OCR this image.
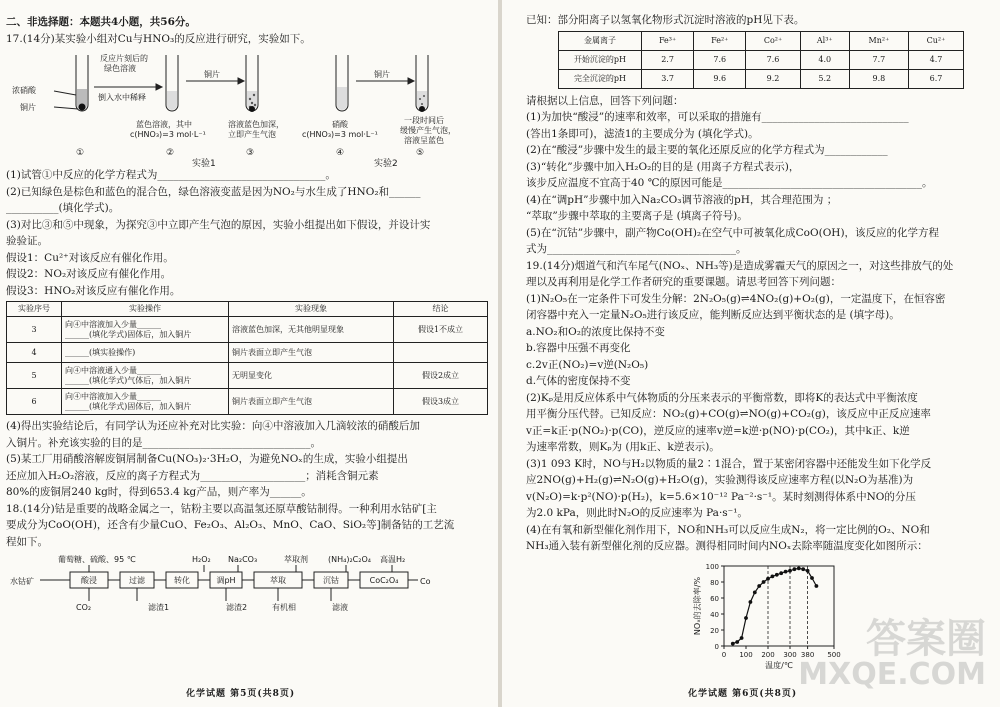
二、非选择题：本题共4小题，共56分。

17.(14分)某实验小组对Cu与HNO₃的反应进行研究，实验如下。

浓硝酸
铜片
反应片刻后的
绿色溶液
倒入水中稀释
铜片	铜片
蓝色溶液，其中
c(HNO₃)=3 mol·L⁻¹
溶液蓝色加深，
立即产生气泡
硝酸
c(HNO₃)=3 mol·L⁻¹
一段时间后
缓慢产生气泡，
溶液呈蓝色
①	②	③	④	⑤
实验1	实验2

(1)试管①中反应的化学方程式为________________________________。

(2)已知绿色是棕色和蓝色的混合色，绿色溶液变蓝是因为NO₂与水生成了HNO₂和______

__________(填化学式)。

(3)对比③和⑤中现象，为探究③中立即产生气泡的原因，实验小组提出如下假设，并设计实

验验证。

假设1：Cu²⁺对该反应有催化作用。

假设2：NO₂对该反应有催化作用。

假设3：HNO₂对该反应有催化作用。

实验序号	实验操作	实验现象	结论
3	向④中溶液加入少量______
______(填化学式)固体后，加入铜片	溶液蓝色加深，无其他明显现象	假设1不成立
4	______(填实验操作)	铜片表面立即产生气泡	
5	向④中溶液通入少量______
______(填化学式)气体后，加入铜片	无明显变化	假设2成立
6	向④中溶液加入少量______
______(填化学式)固体后，加入铜片	铜片表面立即产生气泡	假设3成立

(4)得出实验结论后，有同学认为还应补充对比实验：向④中溶液加入几滴较浓的硝酸后加

入铜片。补充该实验的目的是________________________________。

(5)某工厂用硝酸溶解废铜屑制备Cu(NO₃)₂·3H₂O，为避免NOₓ的生成，实验小组提出

还应加入H₂O₂溶液，反应的离子方程式为____________________；消耗含铜元素

80%的废铜屑240 kg时，得到653.4 kg产品，则产率为______。

18.(14分)钴是重要的战略金属之一，钴粉主要以高温氢还原草酸钴制得。一种利用水钴矿[主

要成分为CoO(OH)，还含有少量CuO、Fe₂O₃、Al₂O₃、MnO、CaO、SiO₂等]制备钴的工艺流

程如下。

葡萄糖、硫酸、95 ℃	H₂O₂ Na₂CO₃	萃取剂	(NH₄)₂C₂O₄ 高温H₂
水钴矿	Co
CO₂	滤渣1	滤渣2	有机相	滤液
酸浸	过滤	转化	调pH	萃取	沉钴	CoC₂O₄
化学试题 第5页(共8页)

已知：部分阳离子以氢氧化物形式沉淀时溶液的pH见下表。

金属离子	Fe³⁺	Fe²⁺	Co²⁺	Al³⁺	Mn²⁺	Cu²⁺
开始沉淀的pH	2.7	7.6	7.6	4.0	7.7	4.7
完全沉淀的pH	3.7	9.6	9.2	5.2	9.8	6.7

请根据以上信息，回答下列问题：

(1)为加快“酸浸”的速率和效率，可以采取的措施有____________________________

(答出1条即可)，滤渣1的主要成分为 (填化学式)。

(2)在“酸浸”步骤中发生的最主要的氧化还原反应的化学方程式为____________

(3)“转化”步骤中加入H₂O₂的目的是 (用离子方程式表示)，

该步反应温度不宜高于40 ℃的原因可能是______________________________________。

(4)在“调pH”步骤中加入Na₂CO₃调节溶液的pH，其合理范围为 ；

“萃取”步骤中萃取的主要离子是 (填离子符号)。

(5)在“沉钴”步骤中，副产物Co(OH)₂在空气中可被氧化成CoO(OH)，该反应的化学方程

式为____________________________________。

19.(14分)烟道气和汽车尾气(NOₓ、NH₃等)是造成雾霾天气的原因之一，对这些排放气的处

理以及再利用是化学工作者研究的重要课题。请思考回答下列问题：

(1)N₂O₅在一定条件下可发生分解：2N₂O₅(g)⇌4NO₂(g)+O₂(g)，一定温度下，在恒容密

闭容器中充入一定量N₂O₅进行该反应，能判断反应达到平衡状态的是 (填字母)。

a.NO₂和O₂的浓度比保持不变

b.容器中压强不再变化

c.2v正(NO₂)=v逆(N₂O₅)

d.气体的密度保持不变

(2)Kₚ是用反应体系中气体物质的分压来表示的平衡常数，即将K的表达式中平衡浓度

用平衡分压代替。已知反应：NO₂(g)+CO(g)⇌NO(g)+CO₂(g)，该反应中正反应速率

v正=k正·p(NO₂)·p(CO)，逆反应的速率v逆=k逆·p(NO)·p(CO₂)，其中k正、k逆

为速率常数，则Kₚ为 (用k正、k逆表示)。

(3)1 093 K时，NO与H₂以物质的量2∶1混合，置于某密闭容器中还能发生如下化学反

应2NO(g)+H₂(g)⇌N₂O(g)+H₂O(g)，实验测得该反应速率方程(以N₂O为基准)为

v(N₂O)=k·p²(NO)·p(H₂)，k=5.6×10⁻¹² Pa⁻²·s⁻¹。某时刻测得体系中NO的分压

为2.0 kPa，则此时N₂O的反应速率为 Pa·s⁻¹。

(4)在有氧和新型催化剂作用下，NO和NH₃可以反应生成N₂，将一定比例的O₂、NO和

NH₃通入装有新型催化剂的反应器。测得相同时间内NOₓ去除率随温度变化如图所示：

0
20
40
60
80
100
0 100 200 300 380 500
温度/℃
NOₓ的去除率/%
化学试题 第6页(共8页)
答案圈
MXQE.COM
